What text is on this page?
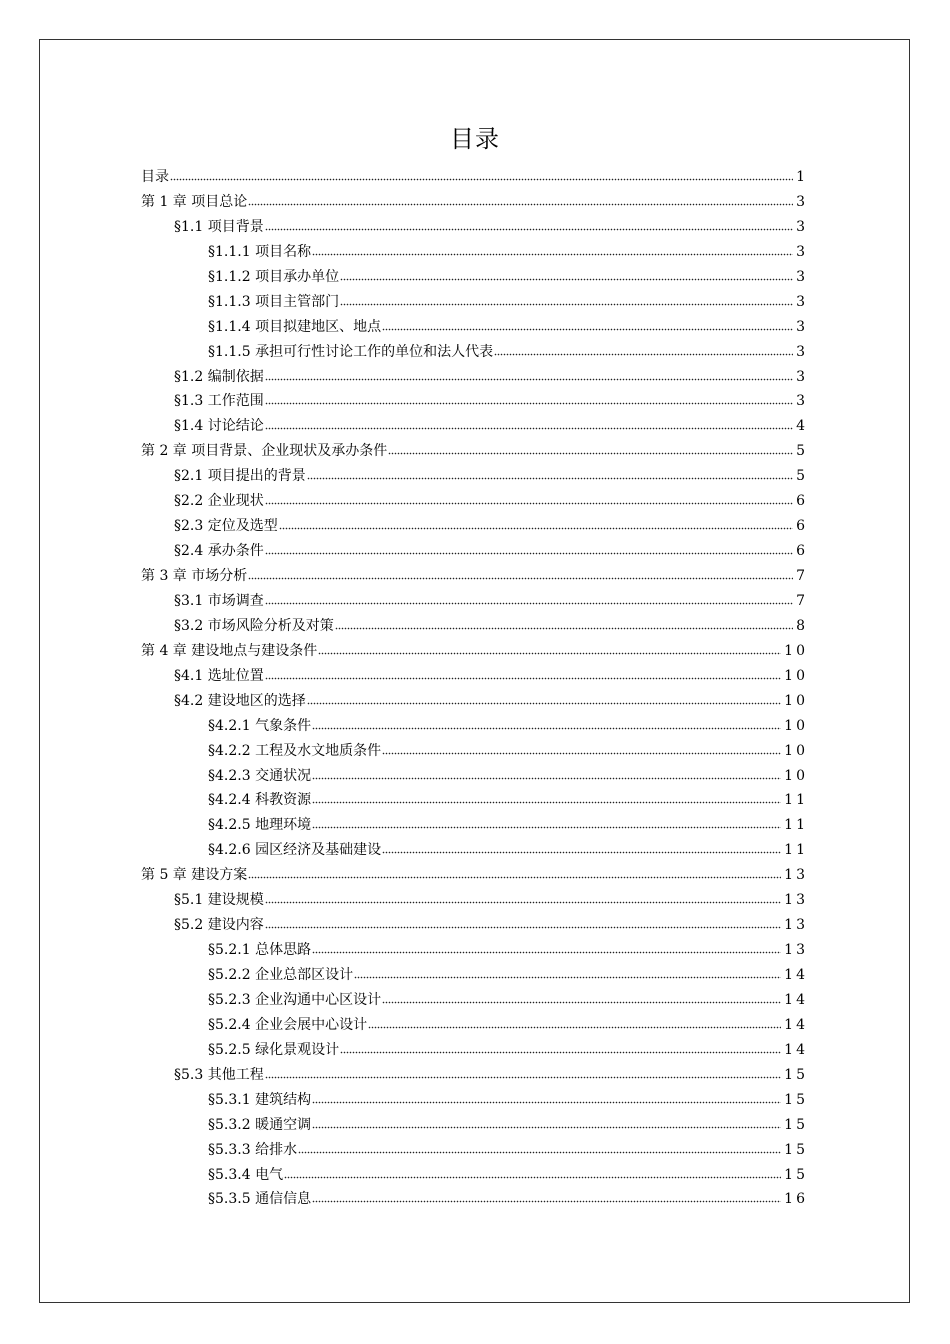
目录
目录	1
第 1 章 项目总论	3
§1.1 项目背景	3
§1.1.1 项目名称	3
§1.1.2 项目承办单位	3
§1.1.3 项目主管部门	3
§1.1.4 项目拟建地区、地点	3
§1.1.5 承担可行性讨论工作的单位和法人代表	3
§1.2 编制依据	3
§1.3 工作范围	3
§1.4 讨论结论	4
第 2 章 项目背景、企业现状及承办条件	5
§2.1 项目提出的背景	5
§2.2 企业现状	6
§2.3 定位及选型	6
§2.4 承办条件	6
第 3 章 市场分析	7
§3.1 市场调查	7
§3.2 市场风险分析及对策	8
第 4 章 建设地点与建设条件	10
§4.1 选址位置	10
§4.2 建设地区的选择	10
§4.2.1 气象条件	10
§4.2.2 工程及水文地质条件	10
§4.2.3 交通状况	10
§4.2.4 科教资源	11
§4.2.5 地理环境	11
§4.2.6 园区经济及基础建设	11
第 5 章 建设方案	13
§5.1 建设规模	13
§5.2 建设内容	13
§5.2.1 总体思路	13
§5.2.2 企业总部区设计	14
§5.2.3 企业沟通中心区设计	14
§5.2.4 企业会展中心设计	14
§5.2.5 绿化景观设计	14
§5.3 其他工程	15
§5.3.1 建筑结构	15
§5.3.2 暖通空调	15
§5.3.3 给排水	15
§5.3.4 电气	15
§5.3.5 通信信息	16
